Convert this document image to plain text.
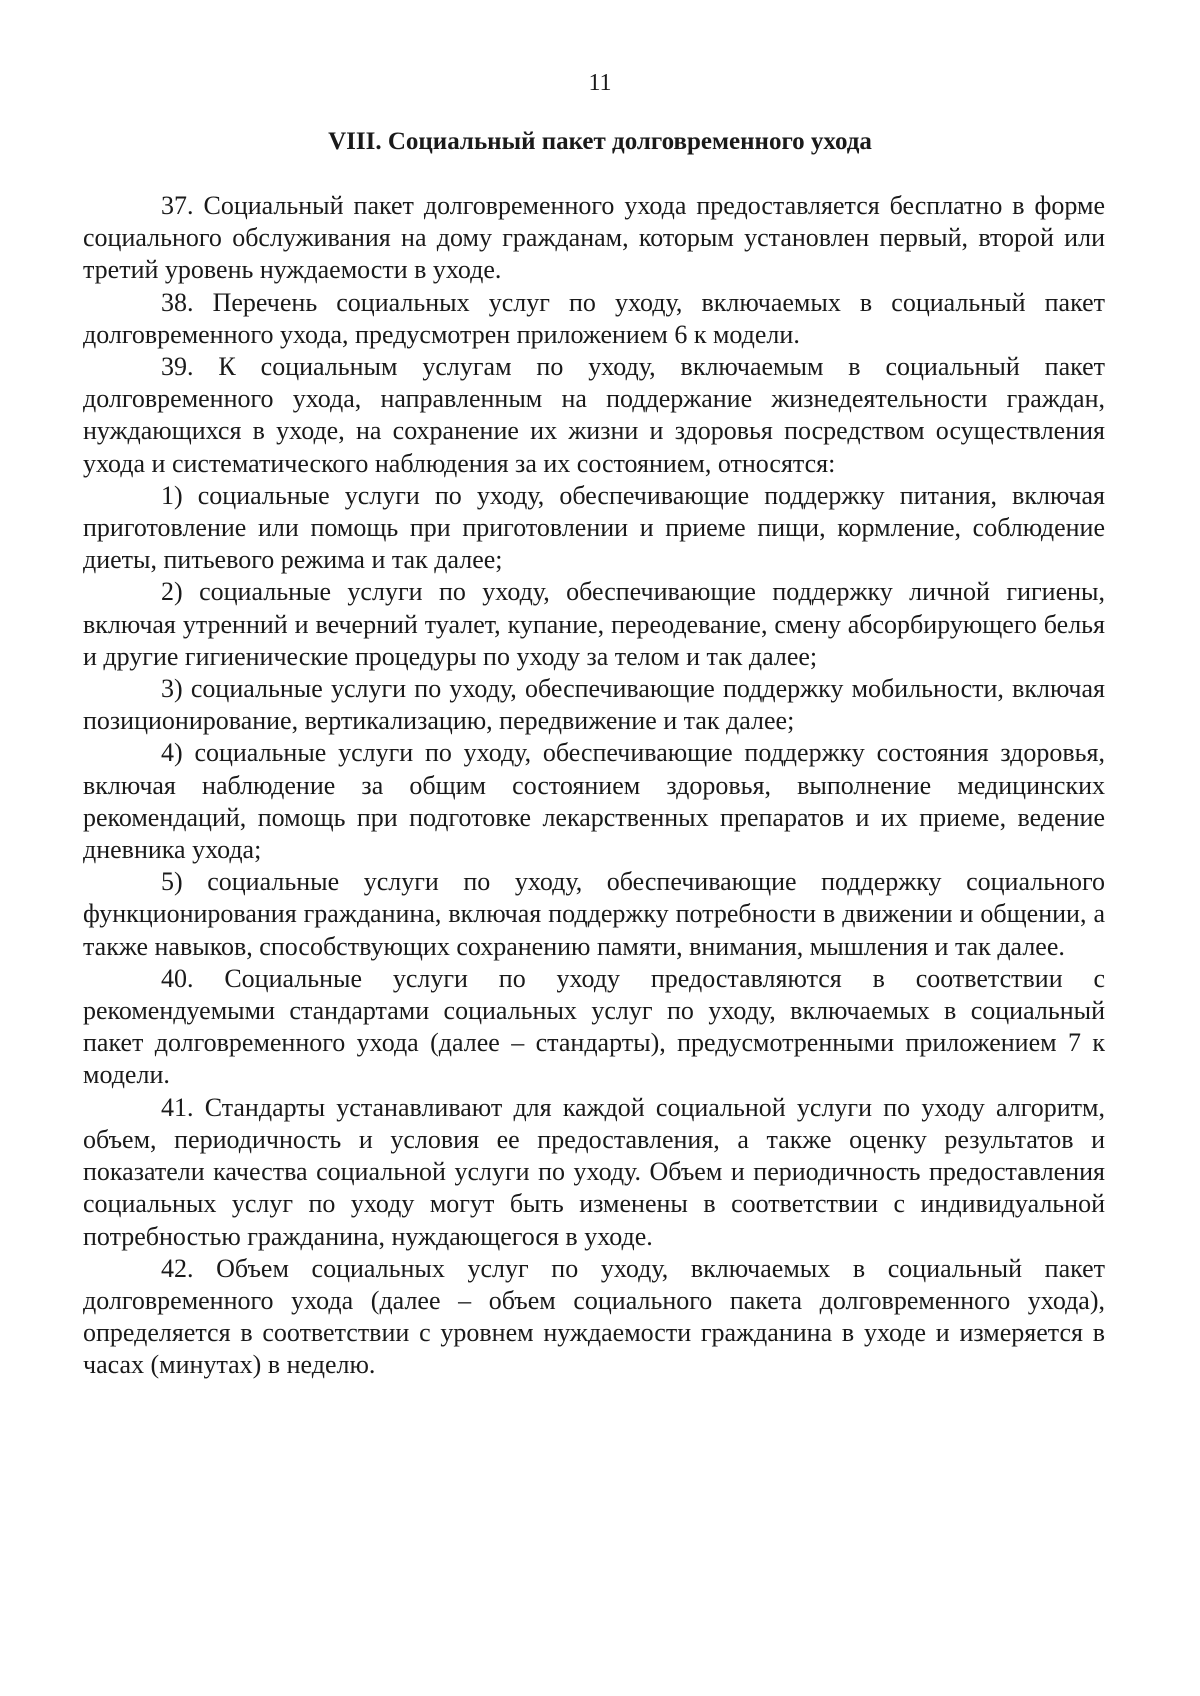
11
VIII. Социальный пакет долговременного ухода

37. Социальный пакет долговременного ухода предоставляется бесплатно в форме социального обслуживания на дому гражданам, которым установлен первый, второй или третий уровень нуждаемости в уходе.

38. Перечень социальных услуг по уходу, включаемых в социальный пакет долговременного ухода, предусмотрен приложением 6 к модели.

39. К социальным услугам по уходу, включаемым в социальный пакет долговременного ухода, направленным на поддержание жизнедеятельности граждан, нуждающихся в уходе, на сохранение их жизни и здоровья посредством осуществления ухода и систематического наблюдения за их состоянием, относятся:

1) социальные услуги по уходу, обеспечивающие поддержку питания, включая приготовление или помощь при приготовлении и приеме пищи, кормление, соблюдение диеты, питьевого режима и так далее;

2) социальные услуги по уходу, обеспечивающие поддержку личной гигиены, включая утренний и вечерний туалет, купание, переодевание, смену абсорбирующего белья и другие гигиенические процедуры по уходу за телом и так далее;

3) социальные услуги по уходу, обеспечивающие поддержку мобильности, включая позиционирование, вертикализацию, передвижение и так далее;

4) социальные услуги по уходу, обеспечивающие поддержку состояния здоровья, включая наблюдение за общим состоянием здоровья, выполнение медицинских рекомендаций, помощь при подготовке лекарственных препаратов и их приеме, ведение дневника ухода;

5) социальные услуги по уходу, обеспечивающие поддержку социального функционирования гражданина, включая поддержку потребности в движении и общении, а также навыков, способствующих сохранению памяти, внимания, мышления и так далее.

40. Социальные услуги по уходу предоставляются в соответствии с рекомендуемыми стандартами социальных услуг по уходу, включаемых в социальный пакет долговременного ухода (далее – стандарты), предусмотренными приложением 7 к модели.

41. Стандарты устанавливают для каждой социальной услуги по уходу алгоритм, объем, периодичность и условия ее предоставления, а также оценку результатов и показатели качества социальной услуги по уходу. Объем и периодичность предоставления социальных услуг по уходу могут быть изменены в соответствии с индивидуальной потребностью гражданина, нуждающегося в уходе.

42. Объем социальных услуг по уходу, включаемых в социальный пакет долговременного ухода (далее – объем социального пакета долговременного ухода), определяется в соответствии с уровнем нуждаемости гражданина в уходе и измеряется в часах (минутах) в неделю.
